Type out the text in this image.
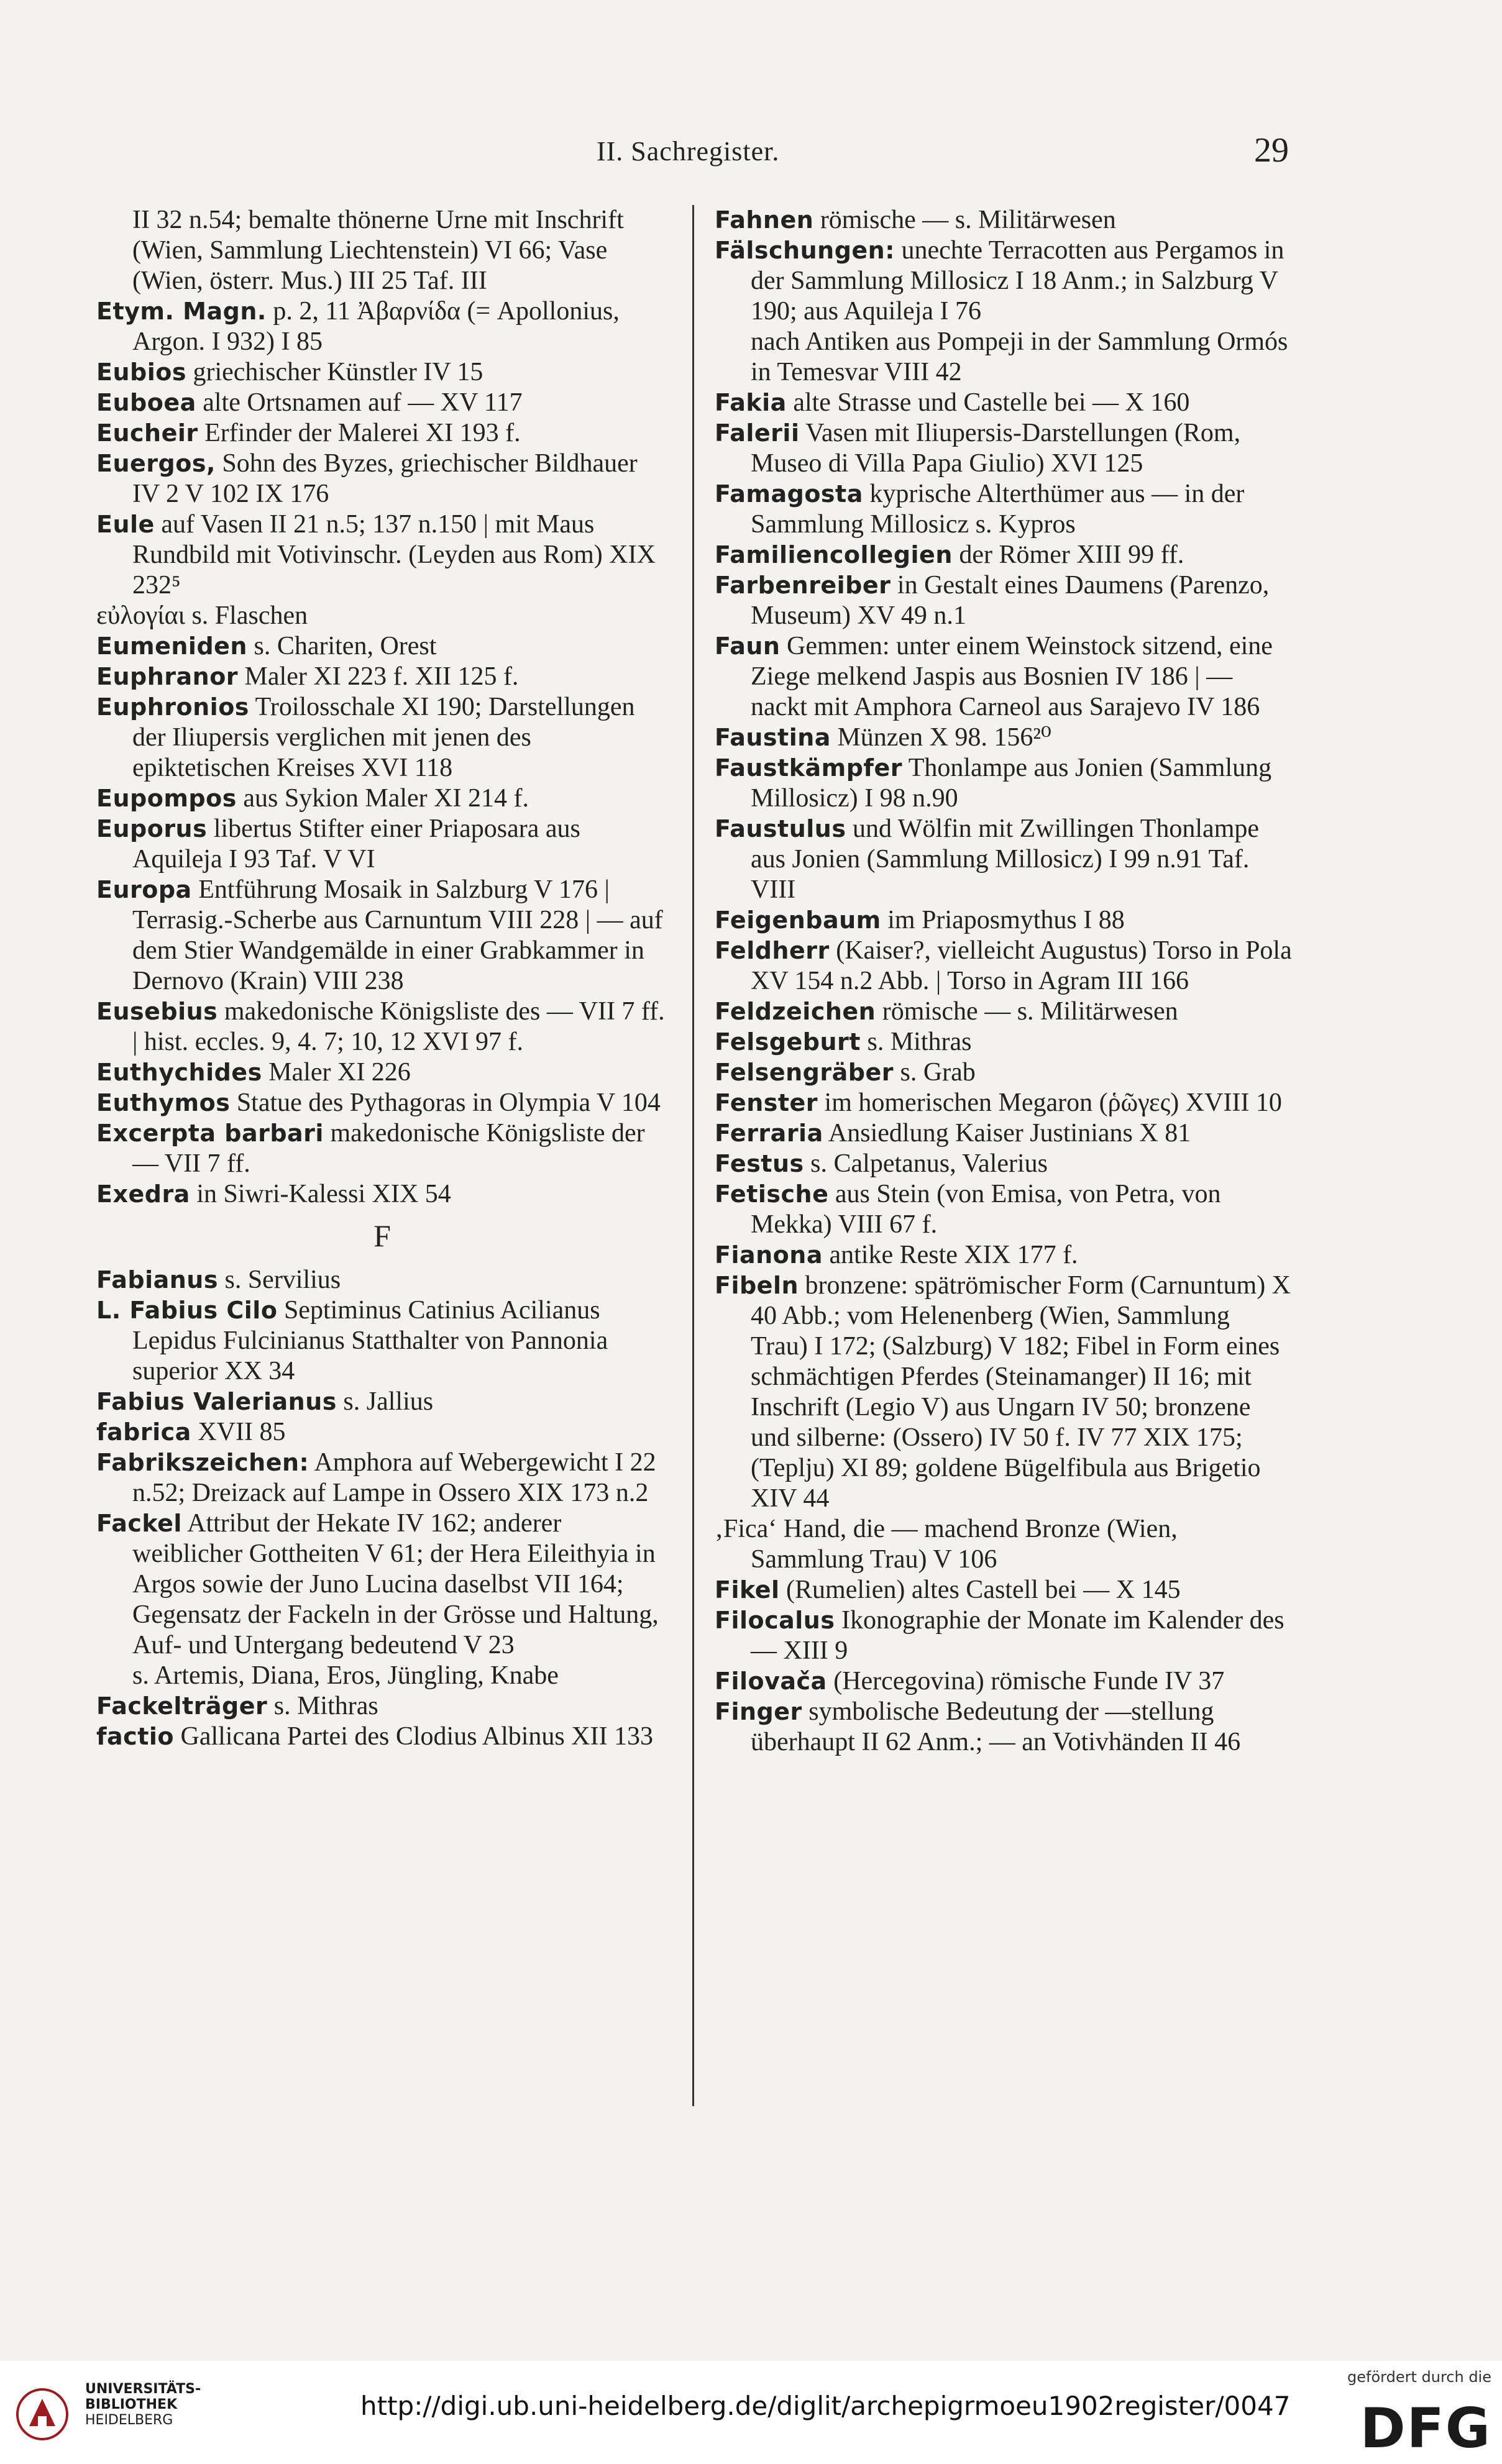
II. Sachregister.	29

II 32 n.54; bemalte thönerne Urne mit Inschrift (Wien, Sammlung Liechtenstein) VI 66; Vase (Wien, österr. Mus.) III 25 Taf. III

Etym. Magn. p. 2, 11 Ἀβαρνίδα (= Apollonius, Argon. I 932) I 85

Eubios griechischer Künstler IV 15

Euboea alte Ortsnamen auf — XV 117

Eucheir Erfinder der Malerei XI 193 f.

Euergos, Sohn des Byzes, griechischer Bildhauer IV 2 V 102 IX 176

Eule auf Vasen II 21 n.5; 137 n.150 | mit Maus Rundbild mit Votivinschr. (Leyden aus Rom) XIX 232⁵

εὐλογίαι s. Flaschen

Eumeniden s. Chariten, Orest

Euphranor Maler XI 223 f. XII 125 f.

Euphronios Troilosschale XI 190; Darstellungen der Iliupersis verglichen mit jenen des epiktetischen Kreises XVI 118

Eupompos aus Sykion Maler XI 214 f.

Euporus libertus Stifter einer Priaposara aus Aquileja I 93 Taf. V VI

Europa Entführung Mosaik in Salzburg V 176 | Terrasig.-Scherbe aus Carnuntum VIII 228 | — auf dem Stier Wandgemälde in einer Grabkammer in Dernovo (Krain) VIII 238

Eusebius makedonische Königsliste des — VII 7 ff. | hist. eccles. 9, 4. 7; 10, 12 XVI 97 f.

Euthychides Maler XI 226

Euthymos Statue des Pythagoras in Olympia V 104

Excerpta barbari makedonische Königsliste der — VII 7 ff.

Exedra in Siwri-Kalessi XIX 54

F

Fabianus s. Servilius

L. Fabius Cilo Septiminus Catinius Acilianus Lepidus Fulcinianus Statthalter von Pannonia superior XX 34

Fabius Valerianus s. Jallius

fabrica XVII 85

Fabrikszeichen: Amphora auf Webergewicht I 22 n.52; Dreizack auf Lampe in Ossero XIX 173 n.2

Fackel Attribut der Hekate IV 162; anderer weiblicher Gottheiten V 61; der Hera Eileithyia in Argos sowie der Juno Lucina daselbst VII 164; Gegensatz der Fackeln in der Grösse und Haltung, Auf- und Untergang bedeutend V 23

s. Artemis, Diana, Eros, Jüngling, Knabe

Fackelträger s. Mithras

factio Gallicana Partei des Clodius Albinus XII 133

Fahnen römische — s. Militärwesen

Fälschungen: unechte Terracotten aus Pergamos in der Sammlung Millosicz I 18 Anm.; in Salzburg V 190; aus Aquileja I 76

nach Antiken aus Pompeji in der Sammlung Ormós in Temesvar VIII 42

Fakia alte Strasse und Castelle bei — X 160

Falerii Vasen mit Iliupersis-Darstellungen (Rom, Museo di Villa Papa Giulio) XVI 125

Famagosta kyprische Alterthümer aus — in der Sammlung Millosicz s. Kypros

Familiencollegien der Römer XIII 99 ff.

Farbenreiber in Gestalt eines Daumens (Parenzo, Museum) XV 49 n.1

Faun Gemmen: unter einem Weinstock sitzend, eine Ziege melkend Jaspis aus Bosnien IV 186 | — nackt mit Amphora Carneol aus Sarajevo IV 186

Faustina Münzen X 98. 156²⁰

Faustkämpfer Thonlampe aus Jonien (Sammlung Millosicz) I 98 n.90

Faustulus und Wölfin mit Zwillingen Thonlampe aus Jonien (Sammlung Millosicz) I 99 n.91 Taf. VIII

Feigenbaum im Priaposmythus I 88

Feldherr (Kaiser?, vielleicht Augustus) Torso in Pola XV 154 n.2 Abb. | Torso in Agram III 166

Feldzeichen römische — s. Militärwesen

Felsgeburt s. Mithras

Felsengräber s. Grab

Fenster im homerischen Megaron (ῥῶγες) XVIII 10

Ferraria Ansiedlung Kaiser Justinians X 81

Festus s. Calpetanus, Valerius

Fetische aus Stein (von Emisa, von Petra, von Mekka) VIII 67 f.

Fianona antike Reste XIX 177 f.

Fibeln bronzene: spätrömischer Form (Carnuntum) X 40 Abb.; vom Helenenberg (Wien, Sammlung Trau) I 172; (Salzburg) V 182; Fibel in Form eines schmächtigen Pferdes (Steinamanger) II 16; mit Inschrift (Legio V) aus Ungarn IV 50; bronzene und silberne: (Ossero) IV 50 f. IV 77 XIX 175; (Teplju) XI 89; goldene Bügelfibula aus Brigetio XIV 44

‚Fica‘ Hand, die — machend Bronze (Wien, Sammlung Trau) V 106

Fikel (Rumelien) altes Castell bei — X 145

Filocalus Ikonographie der Monate im Kalender des — XIII 9

Filovača (Hercegovina) römische Funde IV 37

Finger symbolische Bedeutung der —stellung überhaupt II 62 Anm.; — an Votivhänden II 46

UNIVERSITÄTS-
BIBLIOTHEK
HEIDELBERG	http://digi.ub.uni-heidelberg.de/diglit/archepigrmoeu1902register/0047
gefördert durch die
DFG
